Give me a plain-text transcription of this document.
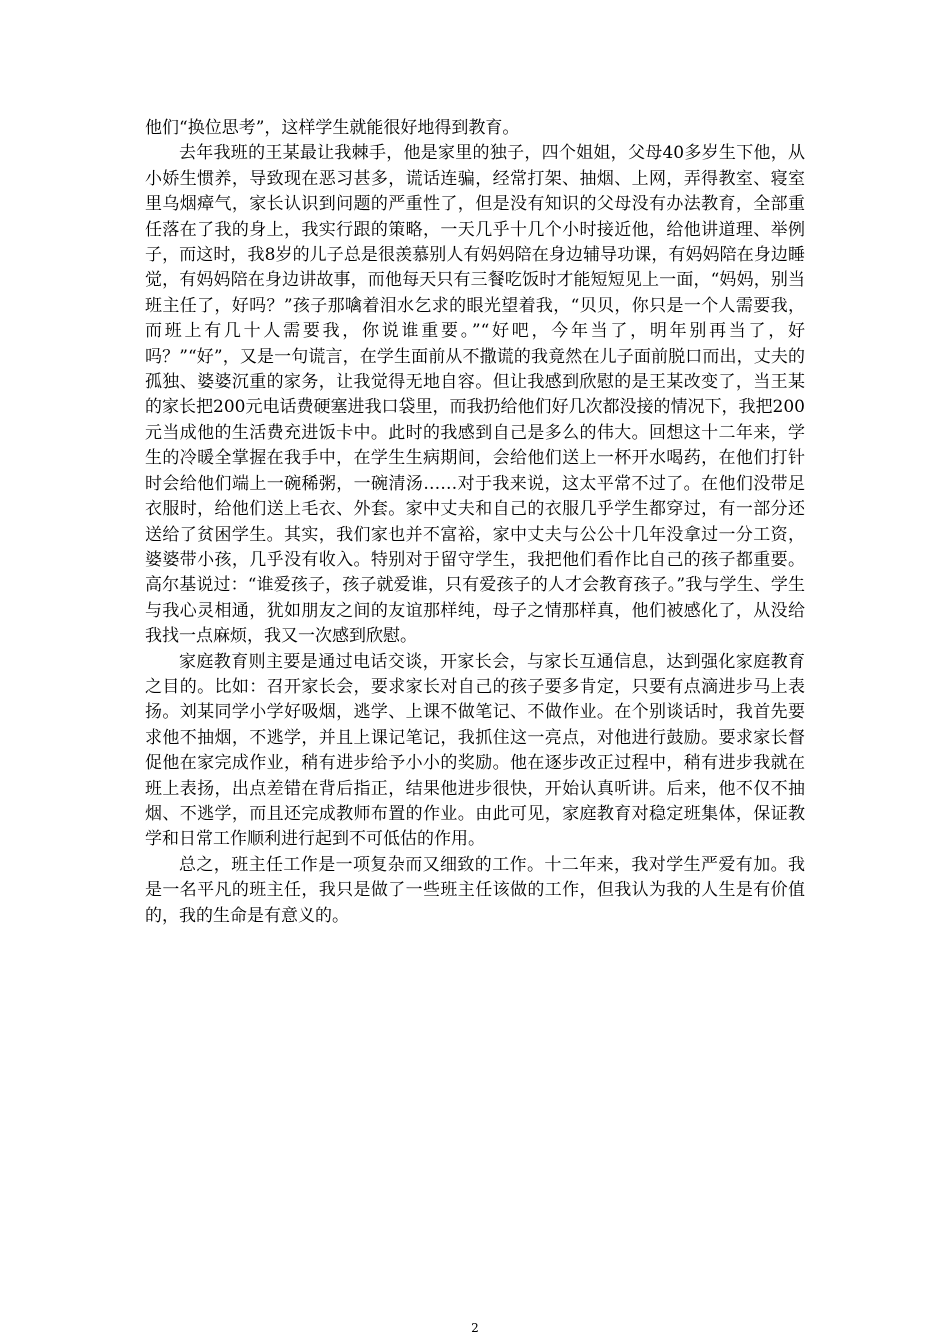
他们“换位思考”，这样学生就能很好地得到教育。

去年我班的王某最让我棘手，他是家里的独子，四个姐姐，父母40多岁生下他，从小娇生惯养，导致现在恶习甚多，谎话连骗，经常打架、抽烟、上网，弄得教室、寝室里乌烟瘴气，家长认识到问题的严重性了，但是没有知识的父母没有办法教育，全部重任落在了我的身上，我实行跟的策略，一天几乎十几个小时接近他，给他讲道理、举例子，而这时，我8岁的儿子总是很羡慕别人有妈妈陪在身边辅导功课，有妈妈陪在身边睡觉，有妈妈陪在身边讲故事，而他每天只有三餐吃饭时才能短短见上一面，“妈妈，别当班主任了，好吗？”孩子那噙着泪水乞求的眼光望着我，“贝贝，你只是一个人需要我，而班上有几十人需要我，你说谁重要。”“好吧，今年当了，明年别再当了，好吗？”“好”，又是一句谎言，在学生面前从不撒谎的我竟然在儿子面前脱口而出，丈夫的孤独、婆婆沉重的家务，让我觉得无地自容。但让我感到欣慰的是王某改变了，当王某的家长把200元电话费硬塞进我口袋里，而我扔给他们好几次都没接的情况下，我把200元当成他的生活费充进饭卡中。此时的我感到自己是多么的伟大。回想这十二年来，学生的冷暖全掌握在我手中，在学生生病期间，会给他们送上一杯开水喝药，在他们打针时会给他们端上一碗稀粥，一碗清汤……对于我来说，这太平常不过了。在他们没带足衣服时，给他们送上毛衣、外套。家中丈夫和自己的衣服几乎学生都穿过，有一部分还送给了贫困学生。其实，我们家也并不富裕，家中丈夫与公公十几年没拿过一分工资，婆婆带小孩，几乎没有收入。特别对于留守学生，我把他们看作比自己的孩子都重要。高尔基说过：“谁爱孩子，孩子就爱谁，只有爱孩子的人才会教育孩子。”我与学生、学生与我心灵相通，犹如朋友之间的友谊那样纯，母子之情那样真，他们被感化了，从没给我找一点麻烦，我又一次感到欣慰。

家庭教育则主要是通过电话交谈，开家长会，与家长互通信息，达到强化家庭教育之目的。比如：召开家长会，要求家长对自己的孩子要多肯定，只要有点滴进步马上表扬。刘某同学小学好吸烟，逃学、上课不做笔记、不做作业。在个别谈话时，我首先要求他不抽烟，不逃学，并且上课记笔记，我抓住这一亮点，对他进行鼓励。要求家长督促他在家完成作业，稍有进步给予小小的奖励。他在逐步改正过程中，稍有进步我就在班上表扬，出点差错在背后指正，结果他进步很快，开始认真听讲。后来，他不仅不抽烟、不逃学，而且还完成教师布置的作业。由此可见，家庭教育对稳定班集体，保证教学和日常工作顺利进行起到不可低估的作用。

总之，班主任工作是一项复杂而又细致的工作。十二年来，我对学生严爱有加。我是一名平凡的班主任，我只是做了一些班主任该做的工作，但我认为我的人生是有价值的，我的生命是有意义的。

2
